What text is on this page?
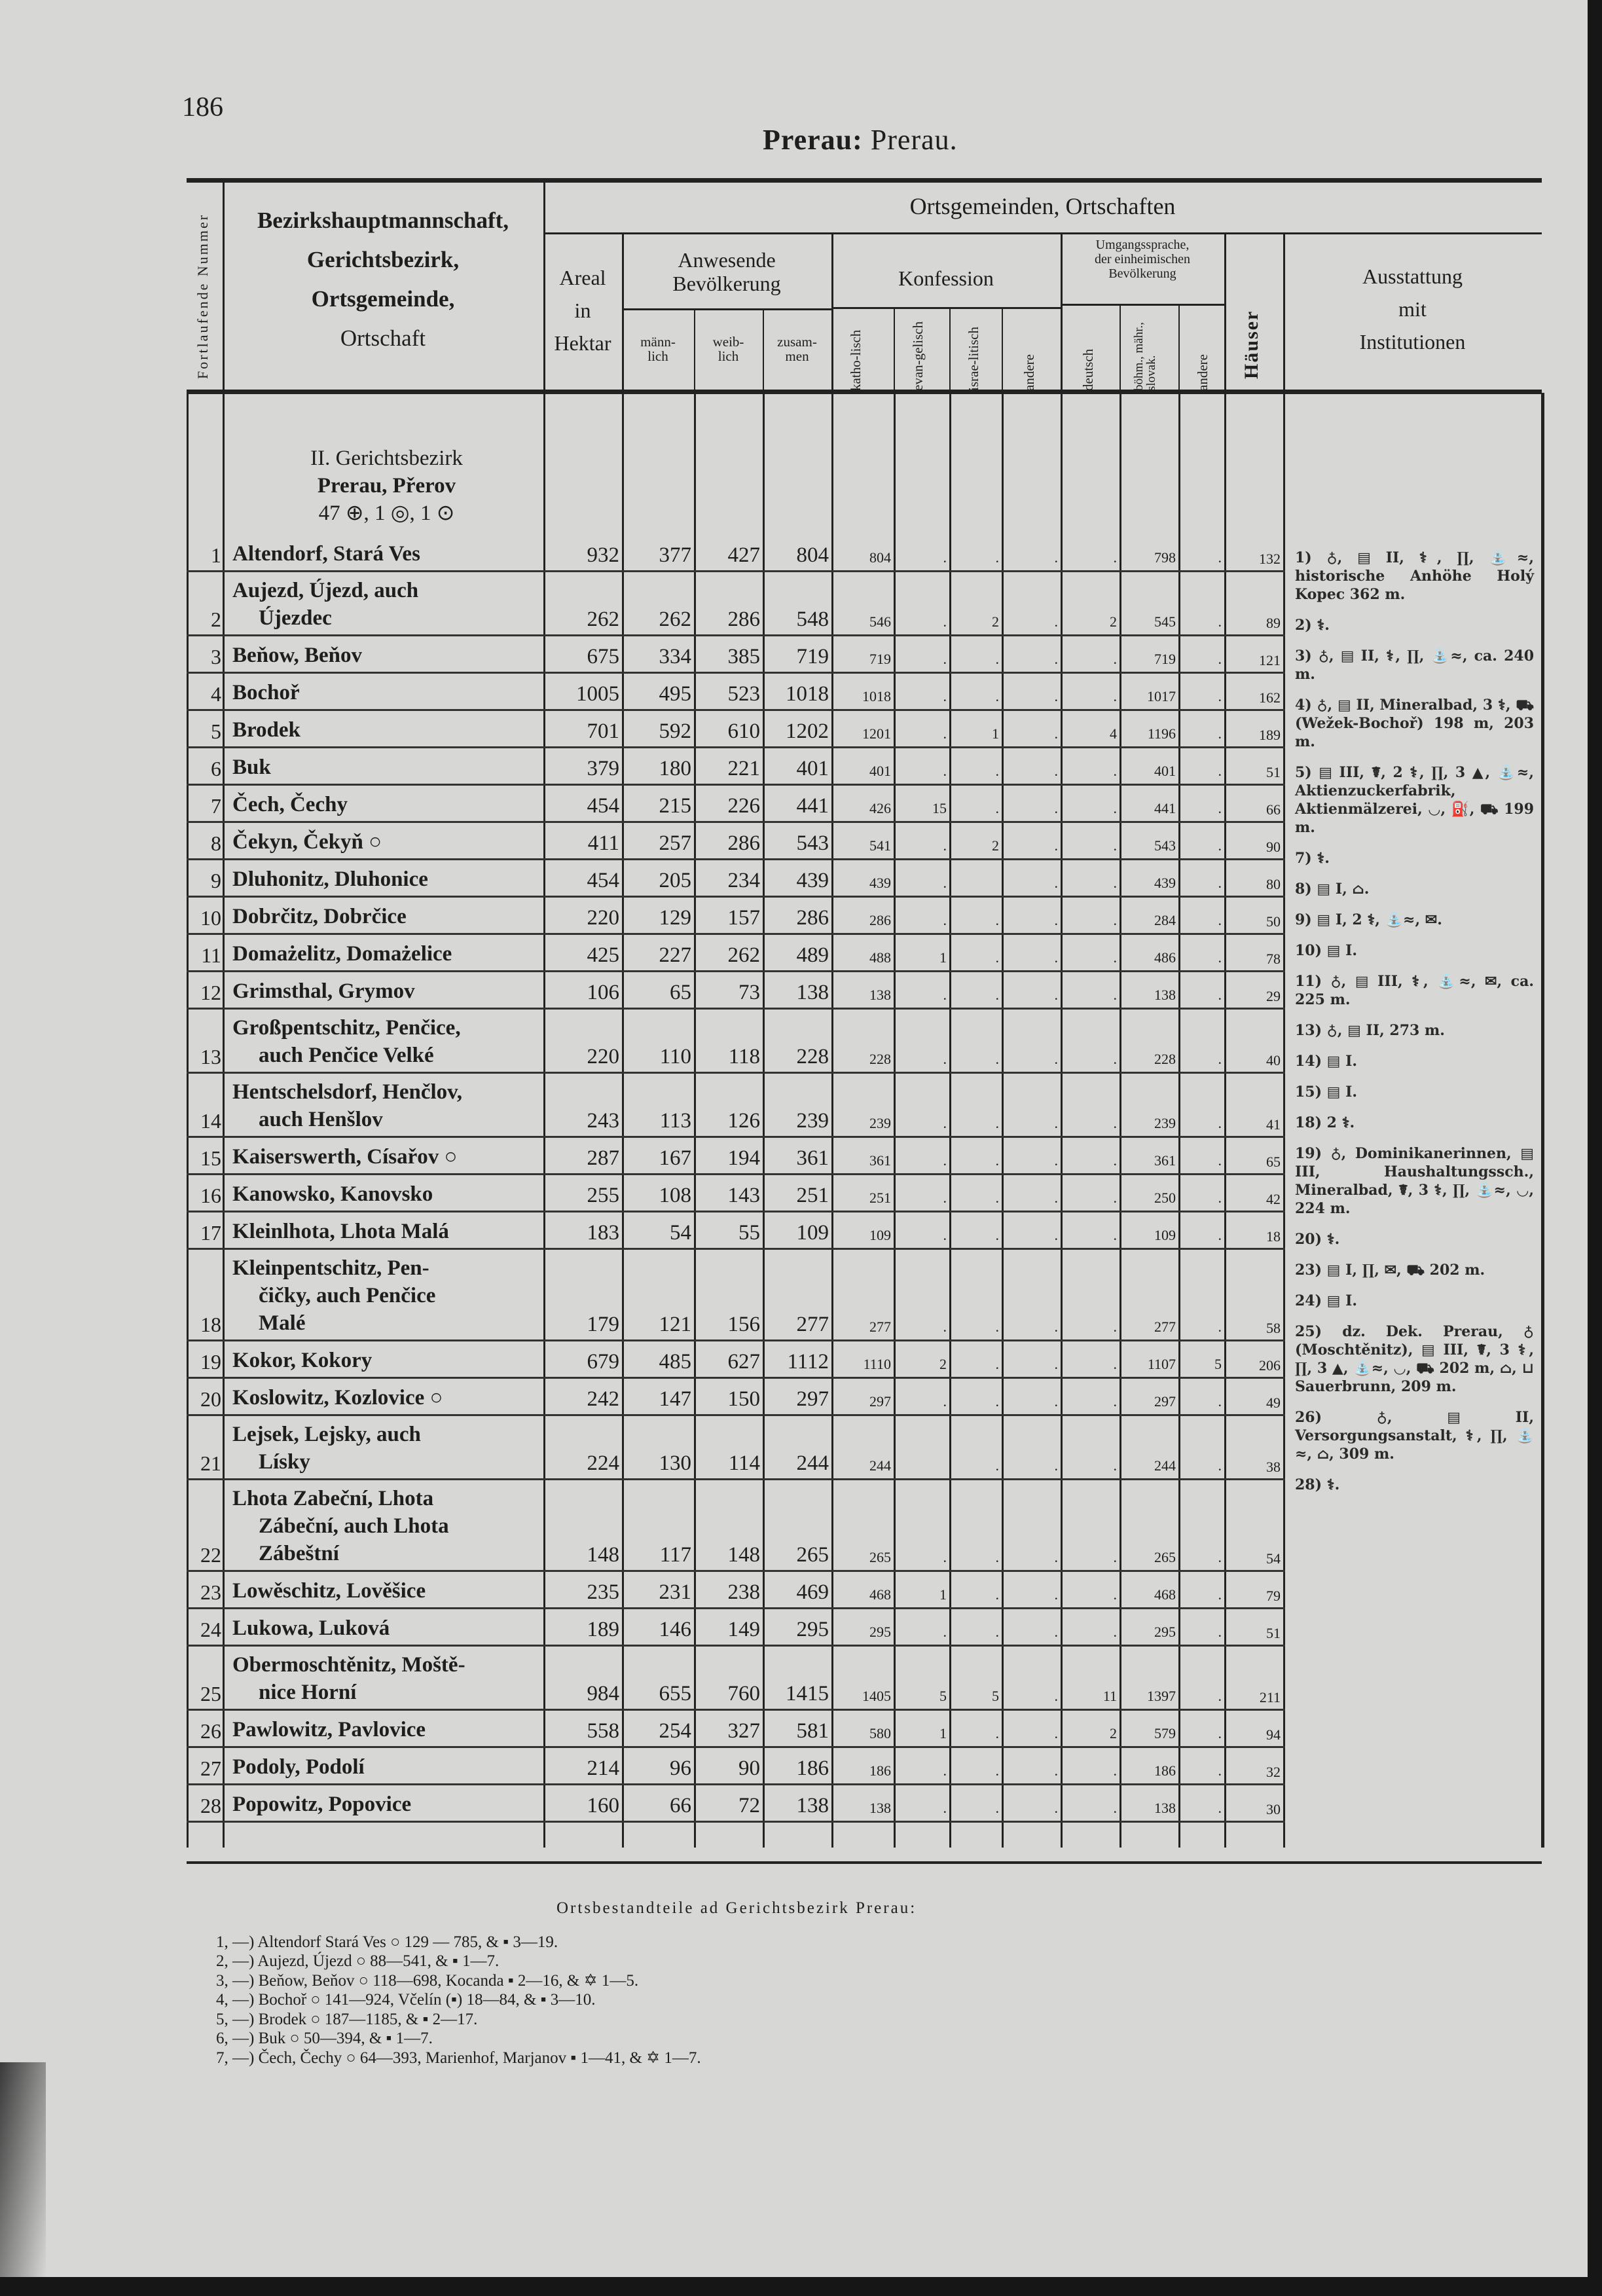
186
Prerau: Prerau.
Fortlaufende Nummer	Bezirkshauptmannschaft,
Gerichtsbezirk,
Ortsgemeinde,
Ortschaft
Ortsgemeinden, Ortschaften
Areal
in
Hektar
Anwesende
Bevölkerung
männ-
lich
weib-
lich
zusam-
men
Konfession
katho-lisch	evan-gelisch	israe-litisch	andere
Umgangssprache,
der einheimischen
Bevölkerung
deutsch	böhm., mähr., slovak.	andere Häuser
Ausstattung
mit
Institutionen

	II. Gerichtsbezirk
Prerau, Přerov
47 ⊕, 1 ◎, 1 ⊙													

1	Altendorf, Stará Ves	932	377	427	804	804	.	.	.	.	798	.	132	
2	Aujezd, Újezd, auch
Újezdec	262	262	286	548	546	.	2	.	2	545	.	89	
3	Beňow, Beňov	675	334	385	719	719	.	.	.	.	719	.	121	
4	Bochoř	1005	495	523	1018	1018	.	.	.	.	1017	.	162	
5	Brodek	701	592	610	1202	1201	.	1	.	4	1196	.	189	
6	Buk	379	180	221	401	401	.	.	.	.	401	.	51	
7	Čech, Čechy	454	215	226	441	426	15	.	.	.	441	.	66	
8	Čekyn, Čekyň ○	411	257	286	543	541	.	2	.	.	543	.	90	
9	Dluhonitz, Dluhonice	454	205	234	439	439	.		.	.	439	.	80	
10	Dobrčitz, Dobrčice	220	129	157	286	286	.	.	.	.	284	.	50	
11	Domażelitz, Domażelice	425	227	262	489	488	1	.	.	.	486	.	78	
12	Grimsthal, Grymov	106	65	73	138	138	.	.	.	.	138	.	29	
13	Großpentschitz, Penčice,
auch Penčice Velké	220	110	118	228	228	.	.	.	.	228	.	40	
14	Hentschelsdorf, Henčlov,
auch Henšlov	243	113	126	239	239	.	.	.	.	239	.	41	
15	Kaiserswerth, Císařov ○	287	167	194	361	361	.	.	.	.	361	.	65	
16	Kanowsko, Kanovsko	255	108	143	251	251	.	.	.	.	250	.	42	
17	Kleinlhota, Lhota Malá	183	54	55	109	109	.	.	.	.	109	.	18	
18	Kleinpentschitz, Pen-
čičky, auch Penčice
Malé	179	121	156	277	277	.	.	.	.	277	.	58	
19	Kokor, Kokory	679	485	627	1112	1110	2	.	.	.	1107	5	206	
20	Koslowitz, Kozlovice ○	242	147	150	297	297	.	.	.	.	297	.	49	
21	Lejsek, Lejsky, auch
Lísky	224	130	114	244	244		.	.	.	244	.	38	
22	Lhota Zabeční, Lhota
Zábeční, auch Lhota
Zábeštní	148	117	148	265	265	.	.	.	.	265	.	54	
23	Lowěschitz, Lověšice	235	231	238	469	468	1	.	.	.	468	.	79	
24	Lukowa, Luková	189	146	149	295	295	.	.	.	.	295	.	51	
25	Obermoschtěnitz, Moště-
nice Horní	984	655	760	1415	1405	5	5	.	11	1397	.	211	
26	Pawlowitz, Pavlovice	558	254	327	581	580	1	.	.	2	579	.	94	
27	Podoly, Podolí	214	96	90	186	186	.	.	.	.	186	.	32	
28	Popowitz, Popovice	160	66	72	138	138	.	.	.	.	138	.	30	

1) ♁, ▤ II, ⚕, ∏, ⛲≈, historische Anhöhe Holý Kopec 362 m.
2) ⚕.
3) ♁, ▤ II, ⚕, ∏, ⛲≈, ca. 240 m.
4) ♁, ▤ II, Mineralbad, 3 ⚕, ⛟ (Wežek-Bochoř) 198 m, 203 m.
5) ▤ III, ☤, 2 ⚕, ∏, 3 ▲, ⛲≈, Aktienzuckerfabrik, Aktienmälzerei, ◡, ⛽, ⛟ 199 m.
7) ⚕.
8) ▤ I, ⌂.
9) ▤ I, 2 ⚕, ⛲≈, ✉.
10) ▤ I.
11) ♁, ▤ III, ⚕, ⛲≈, ✉, ca. 225 m.
13) ♁, ▤ II, 273 m.
14) ▤ I.
15) ▤ I.
18) 2 ⚕.
19) ♁, Dominikanerinnen, ▤ III, Haushaltungssch., Mineralbad, ☤, 3 ⚕, ∏, ⛲≈, ◡, 224 m.
20) ⚕.
23) ▤ I, ∏, ✉, ⛟ 202 m.
24) ▤ I.
25) dz. Dek. Prerau, ♁ (Moschtěnitz), ▤ III, ☤, 3 ⚕, ∏, 3 ▲, ⛲≈, ◡, ⛟ 202 m, ⌂, ⊔ Sauerbrunn, 209 m.
26) ♁, ▤ II, Versorgungsanstalt, ⚕, ∏, ⛲≈, ⌂, 309 m.
28) ⚕.
Ortsbestandteile ad Gerichtsbezirk Prerau:
1, —) Altendorf Stará Ves ○ 129 — 785, & ▪ 3—19.
2, —) Aujezd, Újezd ○ 88—541, & ▪ 1—7.
3, —) Beňow, Beňov ○ 118—698, Kocanda ▪ 2—16, & ✡ 1—5.
4, —) Bochoř ○ 141—924, Včelín (▪) 18—84, & ▪ 3—10.
5, —) Brodek ○ 187—1185, & ▪ 2—17.
6, —) Buk ○ 50—394, & ▪ 1—7.
7, —) Čech, Čechy ○ 64—393, Marienhof, Marjanov ▪ 1—41, & ✡ 1—7.
